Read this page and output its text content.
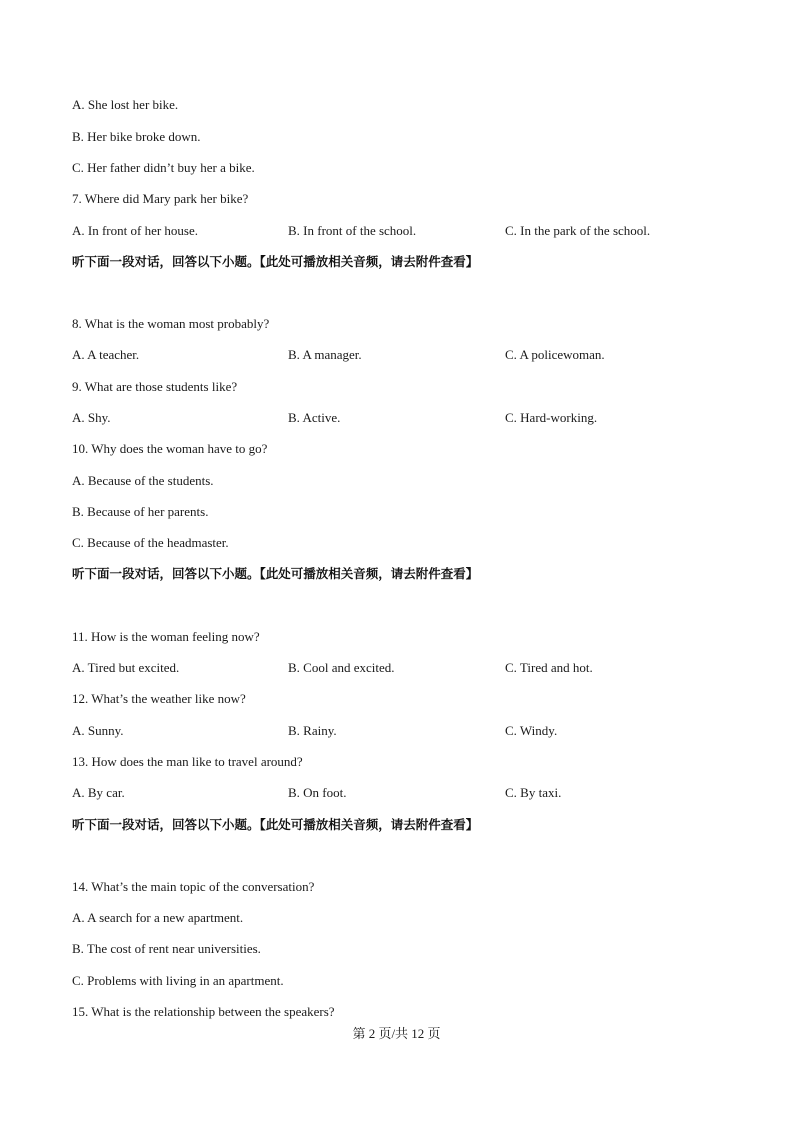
A. She lost her bike.
B. Her bike broke down.
C. Her father didn’t buy her a bike.
7. Where did Mary park her bike?
A. In front of her house.	B. In front of the school.	C. In the park of the school.
听下面一段对话，回答以下小题。【此处可播放相关音频，请去附件查看】
8. What is the woman most probably?
A. A teacher.	B. A manager.	C. A policewoman.
9. What are those students like?
A. Shy.	B. Active.	C. Hard-working.
10. Why does the woman have to go?
A. Because of the students.
B. Because of her parents.
C. Because of the headmaster.
听下面一段对话，回答以下小题。【此处可播放相关音频，请去附件查看】
11. How is the woman feeling now?
A. Tired but excited.	B. Cool and excited.	C. Tired and hot.
12. What’s the weather like now?
A. Sunny.	B. Rainy.	C. Windy.
13. How does the man like to travel around?
A. By car.	B. On foot.	C. By taxi.
听下面一段对话，回答以下小题。【此处可播放相关音频，请去附件查看】
14. What’s the main topic of the conversation?
A. A search for a new apartment.
B. The cost of rent near universities.
C. Problems with living in an apartment.
15. What is the relationship between the speakers?
第 2 页/共 12 页
